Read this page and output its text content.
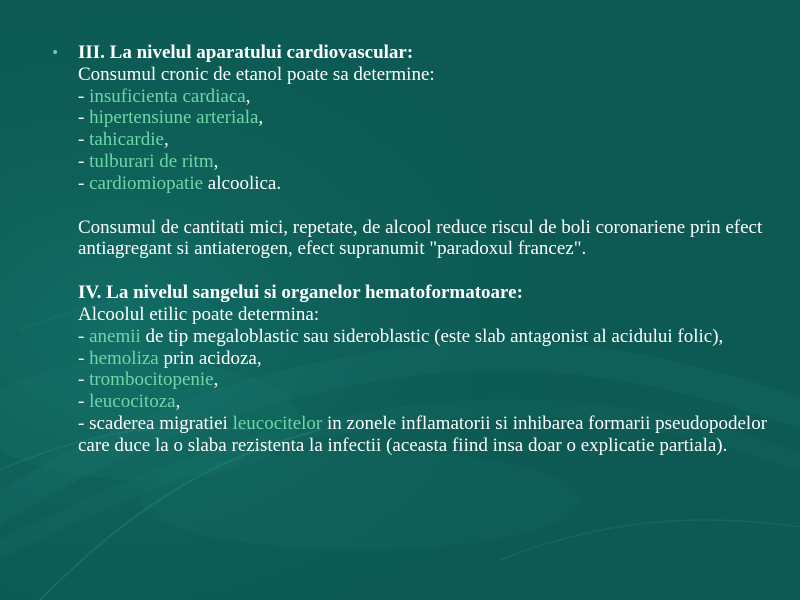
• III. La nivelul aparatului cardiovascular:
Consumul cronic de etanol poate sa determine:
- insuficienta cardiaca,
- hipertensiune arteriala,
- tahicardie,
- tulburari de ritm,
- cardiomiopatie alcoolica.
Consumul de cantitati mici, repetate, de alcool reduce riscul de boli coronariene prin efect antiagregant si antiaterogen, efect supranumit "paradoxul francez".
IV. La nivelul sangelui si organelor hematoformatoare:
Alcoolul etilic poate determina:
- anemii de tip megaloblastic sau sideroblastic (este slab antagonist al acidului folic),
- hemoliza prin acidoza,
- trombocitopenie,
- leucocitoza,
- scaderea migratiei leucocitelor in zonele inflamatorii si inhibarea formarii pseudopodelor care duce la o slaba rezistenta la infectii (aceasta fiind insa doar o explicatie partiala).
